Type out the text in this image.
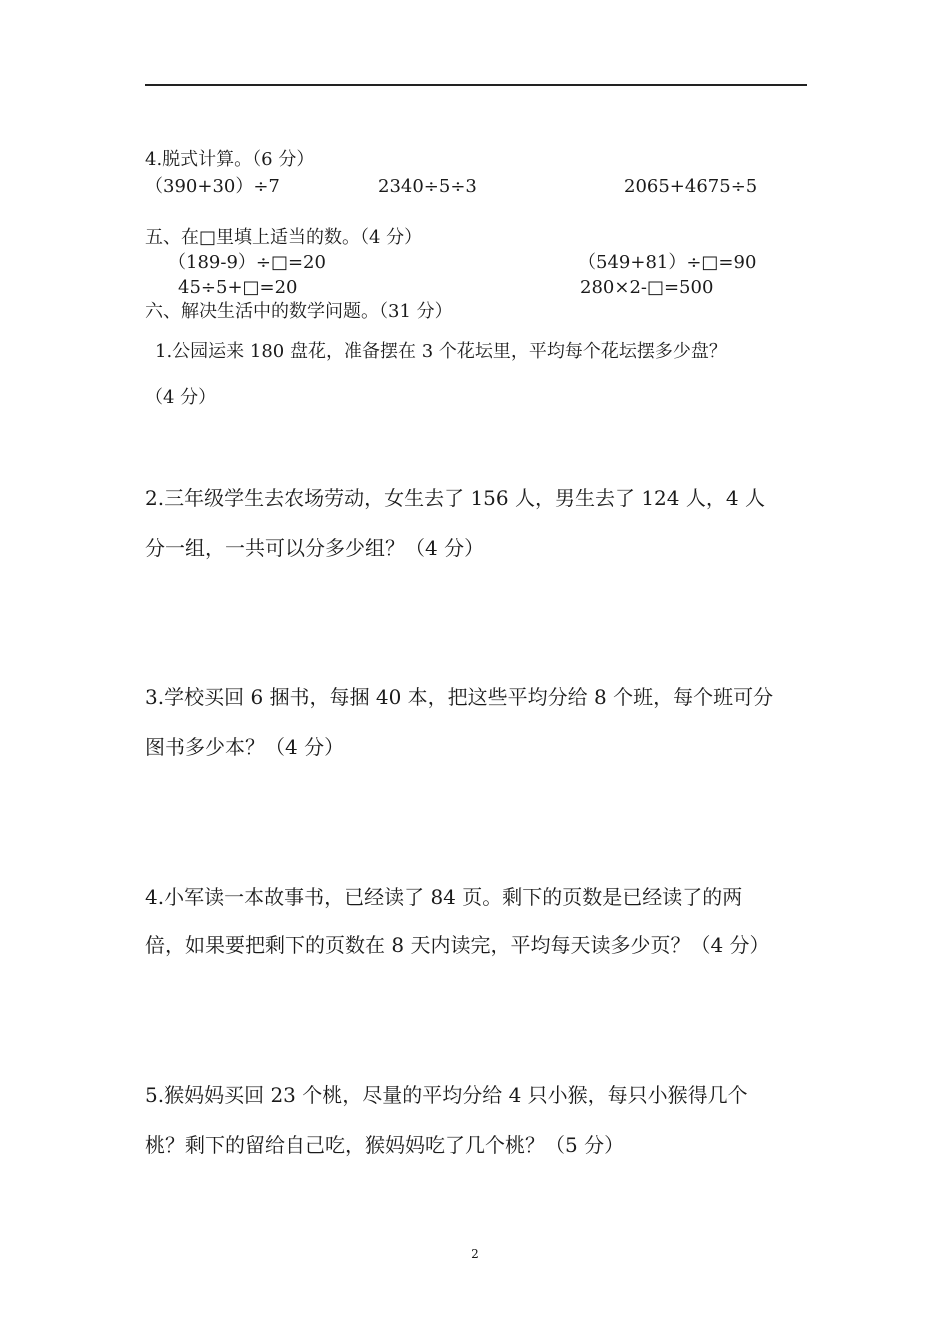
4.脱式计算。（6 分）
（390+30）÷7	2340÷5÷3	2065+4675÷5
五、在□里填上适当的数。（4 分）
（189-9）÷□=20	（549+81）÷□=90
45÷5+□=20	280×2-□=500
六、解决生活中的数学问题。（31 分）
1.公园运来 180 盘花，准备摆在 3 个花坛里，平均每个花坛摆多少盘？
（4 分）
2.三年级学生去农场劳动，女生去了 156 人，男生去了 124 人，4 人
分一组，一共可以分多少组？（4 分）
3.学校买回 6 捆书，每捆 40 本，把这些平均分给 8 个班，每个班可分
图书多少本？（4 分）
4.小军读一本故事书，已经读了 84 页。剩下的页数是已经读了的两
倍，如果要把剩下的页数在 8 天内读完，平均每天读多少页？（4 分）
5.猴妈妈买回 23 个桃，尽量的平均分给 4 只小猴，每只小猴得几个
桃？剩下的留给自己吃，猴妈妈吃了几个桃？（5 分）
2
